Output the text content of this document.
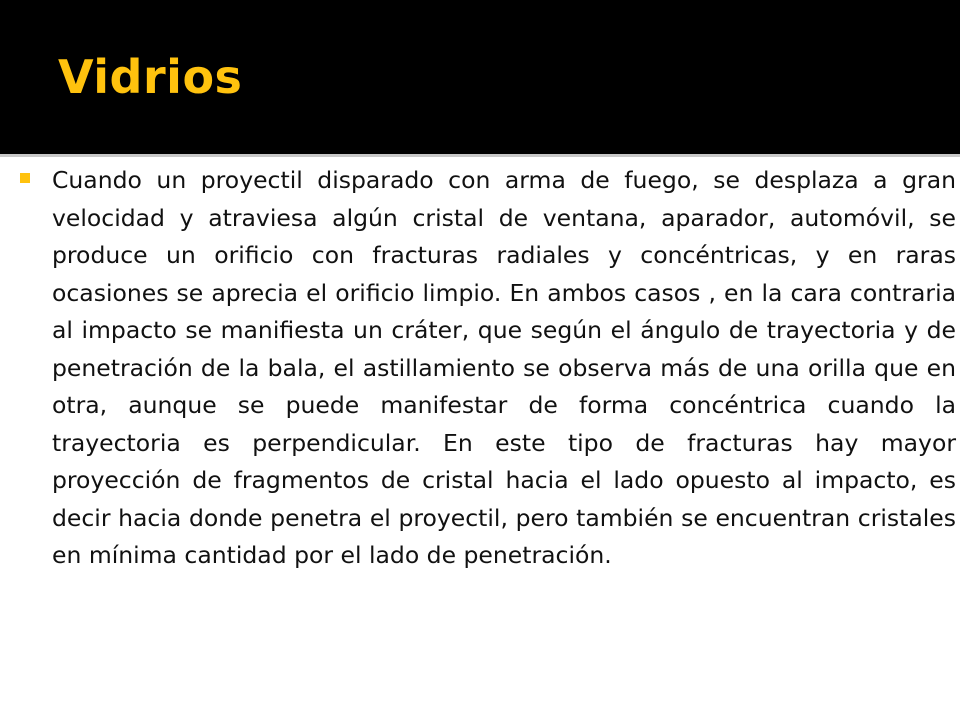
Vidrios

Cuando un proyectil disparado con arma de fuego, se desplaza a gran velocidad y atraviesa algún cristal de ventana, aparador, automóvil, se produce un orificio con fracturas radiales y concéntricas, y en raras ocasiones se aprecia el orificio limpio. En ambos casos , en la cara contraria al impacto se manifiesta un cráter, que según el ángulo de trayectoria y de penetración de la bala, el astillamiento se observa más de una orilla que en otra, aunque se puede manifestar de forma concéntrica cuando la trayectoria es perpendicular. En este tipo de fracturas hay mayor proyección de fragmentos de cristal hacia el lado opuesto al impacto, es decir hacia donde penetra el proyectil, pero también se encuentran cristales en mínima cantidad por el lado de penetración.
